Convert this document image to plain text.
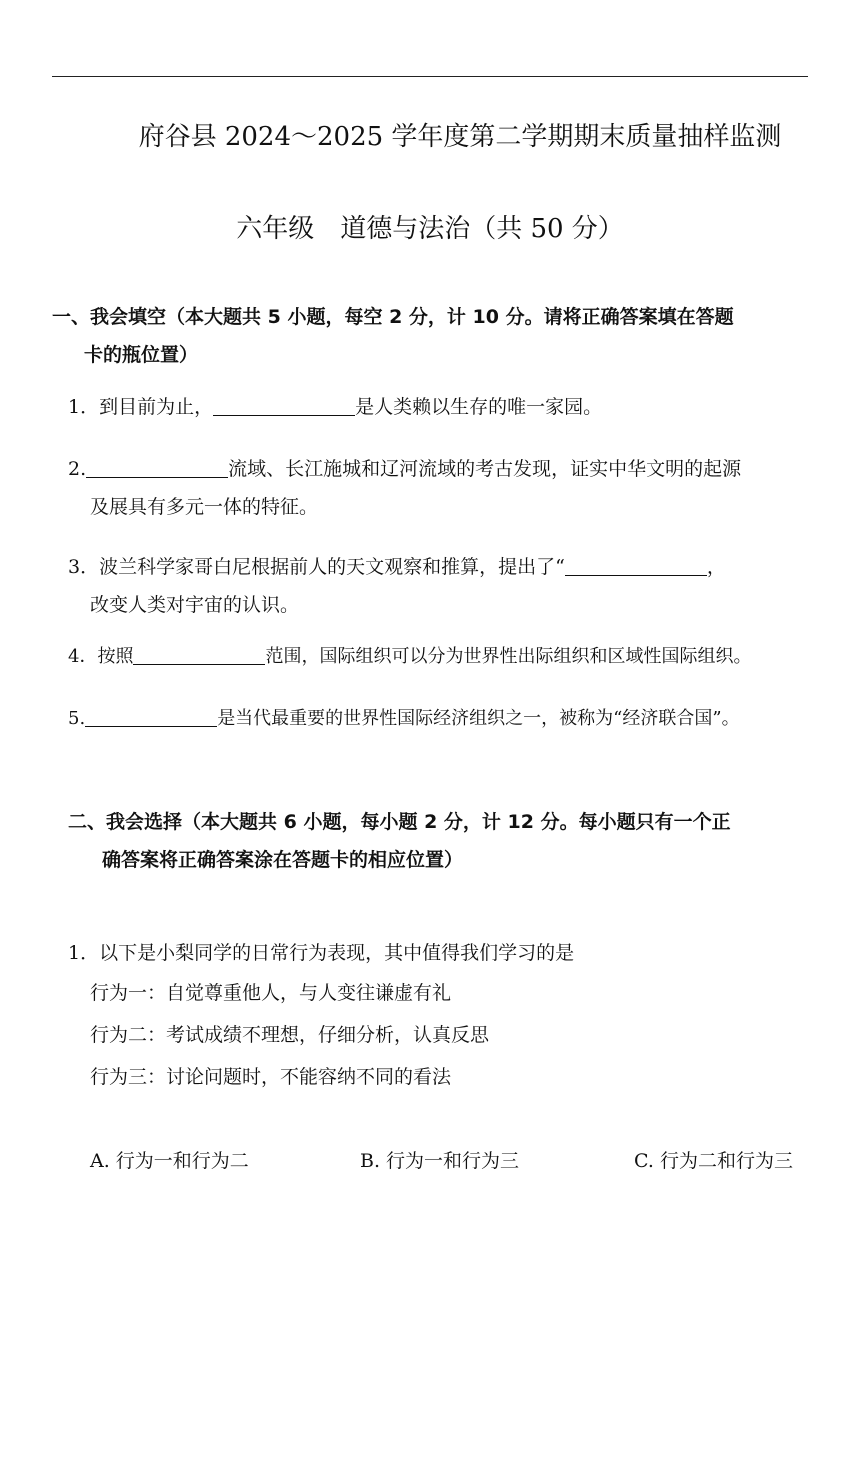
府谷县 2024～2025 学年度第二学期期末质量抽样监测
六年级　道德与法治（共 50 分）
一、我会填空（本大题共 5 小题，每空 2 分，计 10 分。请将正确答案填在答题
卡的瓶位置）
1．到目前为止，	是人类赖以生存的唯一家园。
2.	流域、长江施城和辽河流域的考古发现，证实中华文明的起源
及展具有多元一体的特征。
3．波兰科学家哥白尼根据前人的天文观察和推算，提出了“	，
改变人类对宇宙的认识。
4．按照	范围，国际组织可以分为世界性出际组织和区域性国际组织。
5.	是当代最重要的世界性国际经济组织之一，被称为“经济联合国”。
二、我会选择（本大题共 6 小题，每小题 2 分，计 12 分。每小题只有一个正
确答案将正确答案涂在答题卡的相应位置）
1．以下是小梨同学的日常行为表现，其中值得我们学习的是
行为一：自觉尊重他人，与人变往谦虚有礼
行为二：考试成绩不理想，仔细分析，认真反思
行为三：讨论问题时，不能容纳不同的看法
A. 行为一和行为二	B. 行为一和行为三	C. 行为二和行为三
